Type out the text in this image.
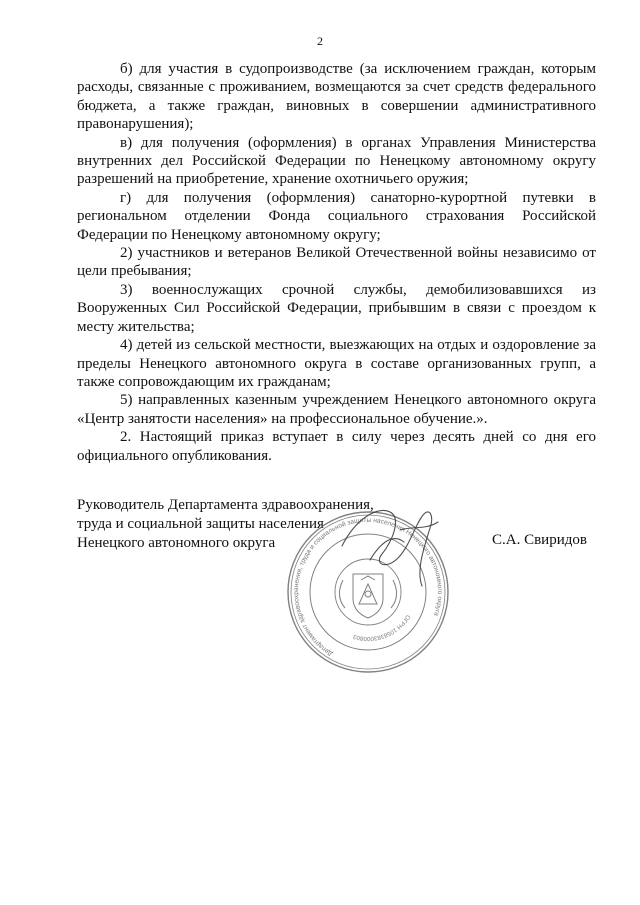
2

б) для участия в судопроизводстве (за исключением граждан, которым расходы, связанные с проживанием, возмещаются за счет средств федерального бюджета, а также граждан, виновных в совершении административного правонарушения);

в) для получения (оформления) в органах Управления Министерства внутренних дел Российской Федерации по Ненецкому автономному округу разрешений на приобретение, хранение охотничьего оружия;

г) для получения (оформления) санаторно-курортной путевки в региональном отделении Фонда социального страхования Российской Федерации по Ненецкому автономному округу;

2) участников и ветеранов Великой Отечественной войны независимо от цели пребывания;

3) военнослужащих срочной службы, демобилизовавшихся из Вооруженных Сил Российской Федерации, прибывшим в связи с проездом к месту жительства;

4) детей из сельской местности, выезжающих на отдых и оздоровление за пределы Ненецкого автономного округа в составе организованных групп, а также сопровождающим их гражданам;

5) направленных казенным учреждением Ненецкого автономного округа «Центр занятости населения» на профессиональное обучение.».

2. Настоящий приказ вступает в силу через десять дней со дня его официального опубликования.

Руководитель Департамента здравоохранения,
труда и социальной защиты населения
Ненецкого автономного округа	С.А. Свиридов
Департамент здравоохранения, труда и социальной защиты населения Ненецкого автономного округа
ОГРН 1058383000803
